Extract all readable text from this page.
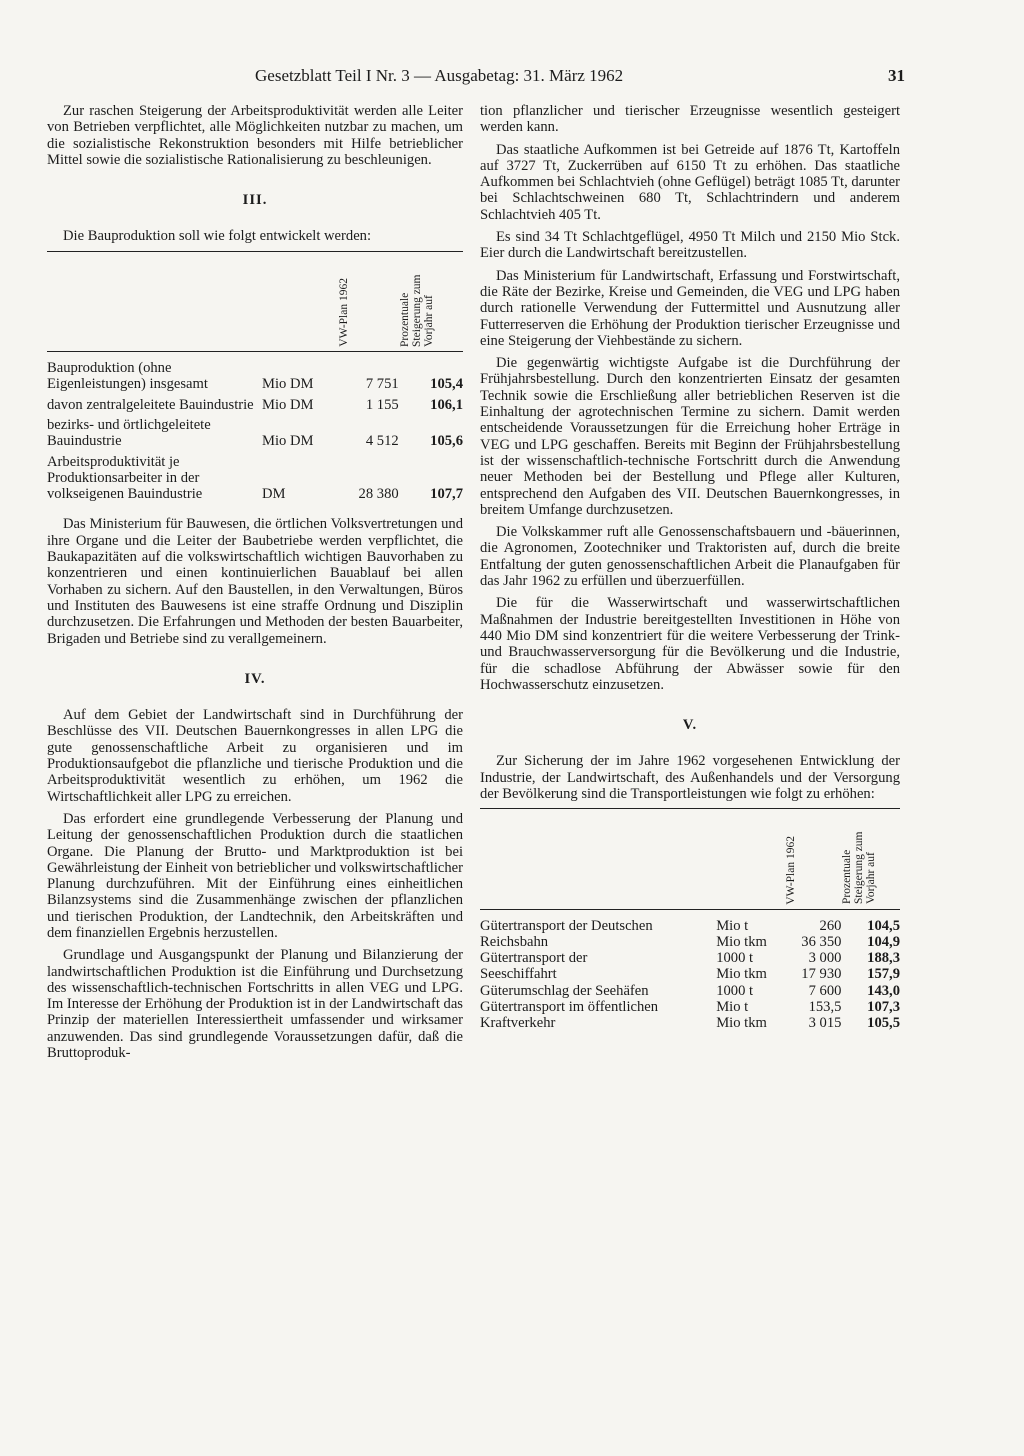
Gesetzblatt Teil I Nr. 3 — Ausgabetag: 31. März 1962	31

Zur raschen Steigerung der Arbeitsproduktivität werden alle Leiter von Betrieben verpflichtet, alle Möglichkeiten nutzbar zu machen, um die sozialistische Rekonstruktion besonders mit Hilfe betrieblicher Mittel sowie die sozialistische Rationalisierung zu beschleunigen.

III.

Die Bauproduktion soll wie folgt entwickelt werden:

		VW-Plan 1962	Prozentuale Steigerung zum Vorjahr auf

Bauproduktion (ohne Eigenleistungen) insgesamt	Mio DM	7 751	105,4

davon zentralgeleitete Bauindustrie	Mio DM	1 155	106,1

bezirks- und örtlichgeleitete Bauindustrie	Mio DM	4 512	105,6

Arbeitsproduktivität je Produktionsarbeiter in der volkseigenen Bauindustrie	DM	28 380	107,7

Das Ministerium für Bauwesen, die örtlichen Volksvertretungen und ihre Organe und die Leiter der Baubetriebe werden verpflichtet, die Baukapazitäten auf die volkswirtschaftlich wichtigen Bauvorhaben zu konzentrieren und einen kontinuierlichen Bauablauf bei allen Vorhaben zu sichern. Auf den Baustellen, in den Verwaltungen, Büros und Instituten des Bauwesens ist eine straffe Ordnung und Disziplin durchzusetzen. Die Erfahrungen und Methoden der besten Bauarbeiter, Brigaden und Betriebe sind zu verallgemeinern.

IV.

Auf dem Gebiet der Landwirtschaft sind in Durchführung der Beschlüsse des VII. Deutschen Bauernkongresses in allen LPG die gute genossenschaftliche Arbeit zu organisieren und im Produktionsaufgebot die pflanzliche und tierische Produktion und die Arbeitsproduktivität wesentlich zu erhöhen, um 1962 die Wirtschaftlichkeit aller LPG zu erreichen.

Das erfordert eine grundlegende Verbesserung der Planung und Leitung der genossenschaftlichen Produktion durch die staatlichen Organe. Die Planung der Brutto- und Marktproduktion ist bei Gewährleistung der Einheit von betrieblicher und volkswirtschaftlicher Planung durchzuführen. Mit der Einführung eines einheitlichen Bilanzsystems sind die Zusammenhänge zwischen der pflanzlichen und tierischen Produktion, der Landtechnik, den Arbeitskräften und dem finanziellen Ergebnis herzustellen.

Grundlage und Ausgangspunkt der Planung und Bilanzierung der landwirtschaftlichen Produktion ist die Einführung und Durchsetzung des wissenschaftlich-technischen Fortschritts in allen VEG und LPG. Im Interesse der Erhöhung der Produktion ist in der Landwirtschaft das Prinzip der materiellen Interessiertheit umfassender und wirksamer anzuwenden. Das sind grundlegende Voraussetzungen dafür, daß die Bruttoproduk-

tion pflanzlicher und tierischer Erzeugnisse wesentlich gesteigert werden kann.

Das staatliche Aufkommen ist bei Getreide auf 1876 Tt, Kartoffeln auf 3727 Tt, Zuckerrüben auf 6150 Tt zu erhöhen. Das staatliche Aufkommen bei Schlachtvieh (ohne Geflügel) beträgt 1085 Tt, darunter bei Schlachtschweinen 680 Tt, Schlachtrindern und anderem Schlachtvieh 405 Tt.

Es sind 34 Tt Schlachtgeflügel, 4950 Tt Milch und 2150 Mio Stck. Eier durch die Landwirtschaft bereitzustellen.

Das Ministerium für Landwirtschaft, Erfassung und Forstwirtschaft, die Räte der Bezirke, Kreise und Gemeinden, die VEG und LPG haben durch rationelle Verwendung der Futtermittel und Ausnutzung aller Futterreserven die Erhöhung der Produktion tierischer Erzeugnisse und eine Steigerung der Viehbestände zu sichern.

Die gegenwärtig wichtigste Aufgabe ist die Durchführung der Frühjahrsbestellung. Durch den konzentrierten Einsatz der gesamten Technik sowie die Erschließung aller betrieblichen Reserven ist die Einhaltung der agrotechnischen Termine zu sichern. Damit werden entscheidende Voraussetzungen für die Erreichung hoher Erträge in VEG und LPG geschaffen. Bereits mit Beginn der Frühjahrsbestellung ist der wissenschaftlich-technische Fortschritt durch die Anwendung neuer Methoden bei der Bestellung und Pflege aller Kulturen, entsprechend den Aufgaben des VII. Deutschen Bauernkongresses, in breitem Umfange durchzusetzen.

Die Volkskammer ruft alle Genossenschaftsbauern und -bäuerinnen, die Agronomen, Zootechniker und Traktoristen auf, durch die breite Entfaltung der guten genossenschaftlichen Arbeit die Planaufgaben für das Jahr 1962 zu erfüllen und überzuerfüllen.

Die für die Wasserwirtschaft und wasserwirtschaftlichen Maßnahmen der Industrie bereitgestellten Investitionen in Höhe von 440 Mio DM sind konzentriert für die weitere Verbesserung der Trink- und Brauchwasserversorgung für die Bevölkerung und die Industrie, für die schadlose Abführung der Abwässer sowie für den Hochwasserschutz einzusetzen.

V.

Zur Sicherung der im Jahre 1962 vorgesehenen Entwicklung der Industrie, der Landwirtschaft, des Außenhandels und der Versorgung der Bevölkerung sind die Transportleistungen wie folgt zu erhöhen:

		VW-Plan 1962	Prozentuale Steigerung zum Vorjahr auf

Gütertransport der Deutschen	Mio t	260	104,5
Reichsbahn	Mio tkm	36 350	104,9
Gütertransport der	1000 t	3 000	188,3
Seeschiffahrt	Mio tkm	17 930	157,9
Güterumschlag der Seehäfen	1000 t	7 600	143,0
Gütertransport im öffentlichen	Mio t	153,5	107,3
Kraftverkehr	Mio tkm	3 015	105,5
